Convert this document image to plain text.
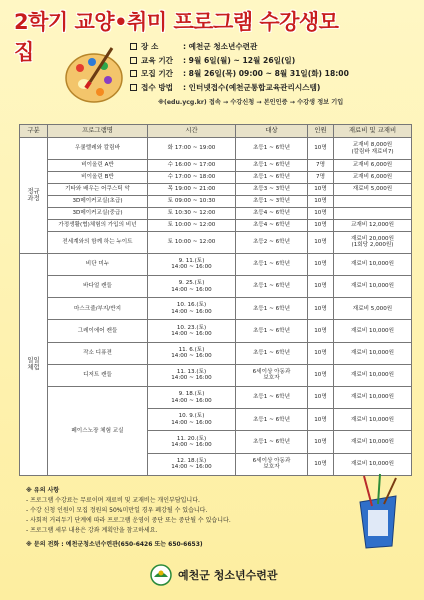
2학기 교양•취미 프로그램 수강생모집	장 소	: 예천군 청소년수련관
교육 기간	: 9월 6일(월) ~ 12월 26일(일)
모집 기간	: 8월 26일(목) 09:00 ~ 8월 31일(화) 18:00
접수 방법	: 인터넷접수(예천군통합교육관리시스템)
※(edu.ycg.kr) 접속 → 수강신청 → 본인인증 → 수강생 정보 기입
구분	프로그램명	시간	대상	인원	재료비 및 교재비
정규
과정	우쿨렐레와 칼림바	화 17:00 ~ 19:00	초등1 ~ 6학년	10명	교재비 8,000원
(칼림바 재료비7)
	비이올린 A반	수 16:00 ~ 17:00	초등1 ~ 6학년	7명	교재비 6,000원
	비이올린 B반	수 17:00 ~ 18:00	초등1 ~ 6학년	7명	교재비 6,000원
	기타와 배우는 어쿠스틱 악	목 19:00 ~ 21:00	초등3 ~ 3학년	10명	재료비 5,000원
	3D메이커교실(초급)	토 09:00 ~ 10:30	초등1 ~ 3학년	10명	
	3D메이커교실(중급)	토 10:30 ~ 12:00	초등4 ~ 6학년	10명	
	가정생활(협)체험의 가입의 비넌	토 10:00 ~ 12:00	초등4 ~ 6학년	10명	교재비 12,000원
	전세계와의 함께 하는 누이트	토 10:00 ~ 12:00	초등2 ~ 6학년	10명	재료비 20,000원
(1회당 2,000원)
일일
체험	비단 미누	9. 11.(토)
14:00 ~ 16:00	초등1 ~ 6학년	10명	재료비 10,000원
	바다얼 캔들	9. 25.(토)
14:00 ~ 16:00	초등1 ~ 6학년	10명	재료비 10,000원
	마스크줄/부지/반지	10. 16.(토)
14:00 ~ 16:00	초등1 ~ 6학년	10명	재료비 5,000원
	그레이에어 캔들	10. 23.(토)
14:00 ~ 16:00	초등1 ~ 6학년	10명	재료비 10,000원
	작소 디퓨젼	11. 6.(토)
14:00 ~ 16:00	초등1 ~ 6학년	10명	재료비 10,000원
	디저트 캔들	11. 13.(토)
14:00 ~ 16:00	6세이상 아동과
보호자	10명	재료비 10,000원
	페이스노장 체험 교실	9. 18.(토)
14:00 ~ 16:00	초등1 ~ 6학년	10명	재료비 10,000원
		10. 9.(토)
14:00 ~ 16:00	초등1 ~ 6학년	10명	재료비 10,000원
		11. 20.(토)
14:00 ~ 16:00	초등1 ~ 6학년	10명	재료비 10,000원
		12. 18.(토)
14:00 ~ 16:00	6세이상 아동과
보호자	10명	재료비 10,000원
※ 유의 사항
- 프로그램 수강료는 무료이며 재료비 및 교재비는 개인부담입니다.
- 수강 신청 인원이 모집 정원의 50%미만일 경우 폐강될 수 있습니다.
- 사회적 거리두기 단계에 따라 프로그램 운영이 중단 또는 중단될 수 있습니다.
- 프로그램 세부 내용은 강좌 계획안을 참고하세요.
※ 문의 전화 : 예천군청소년수련관(650-6426 또는 650-6653)
예천군 청소년수련관
